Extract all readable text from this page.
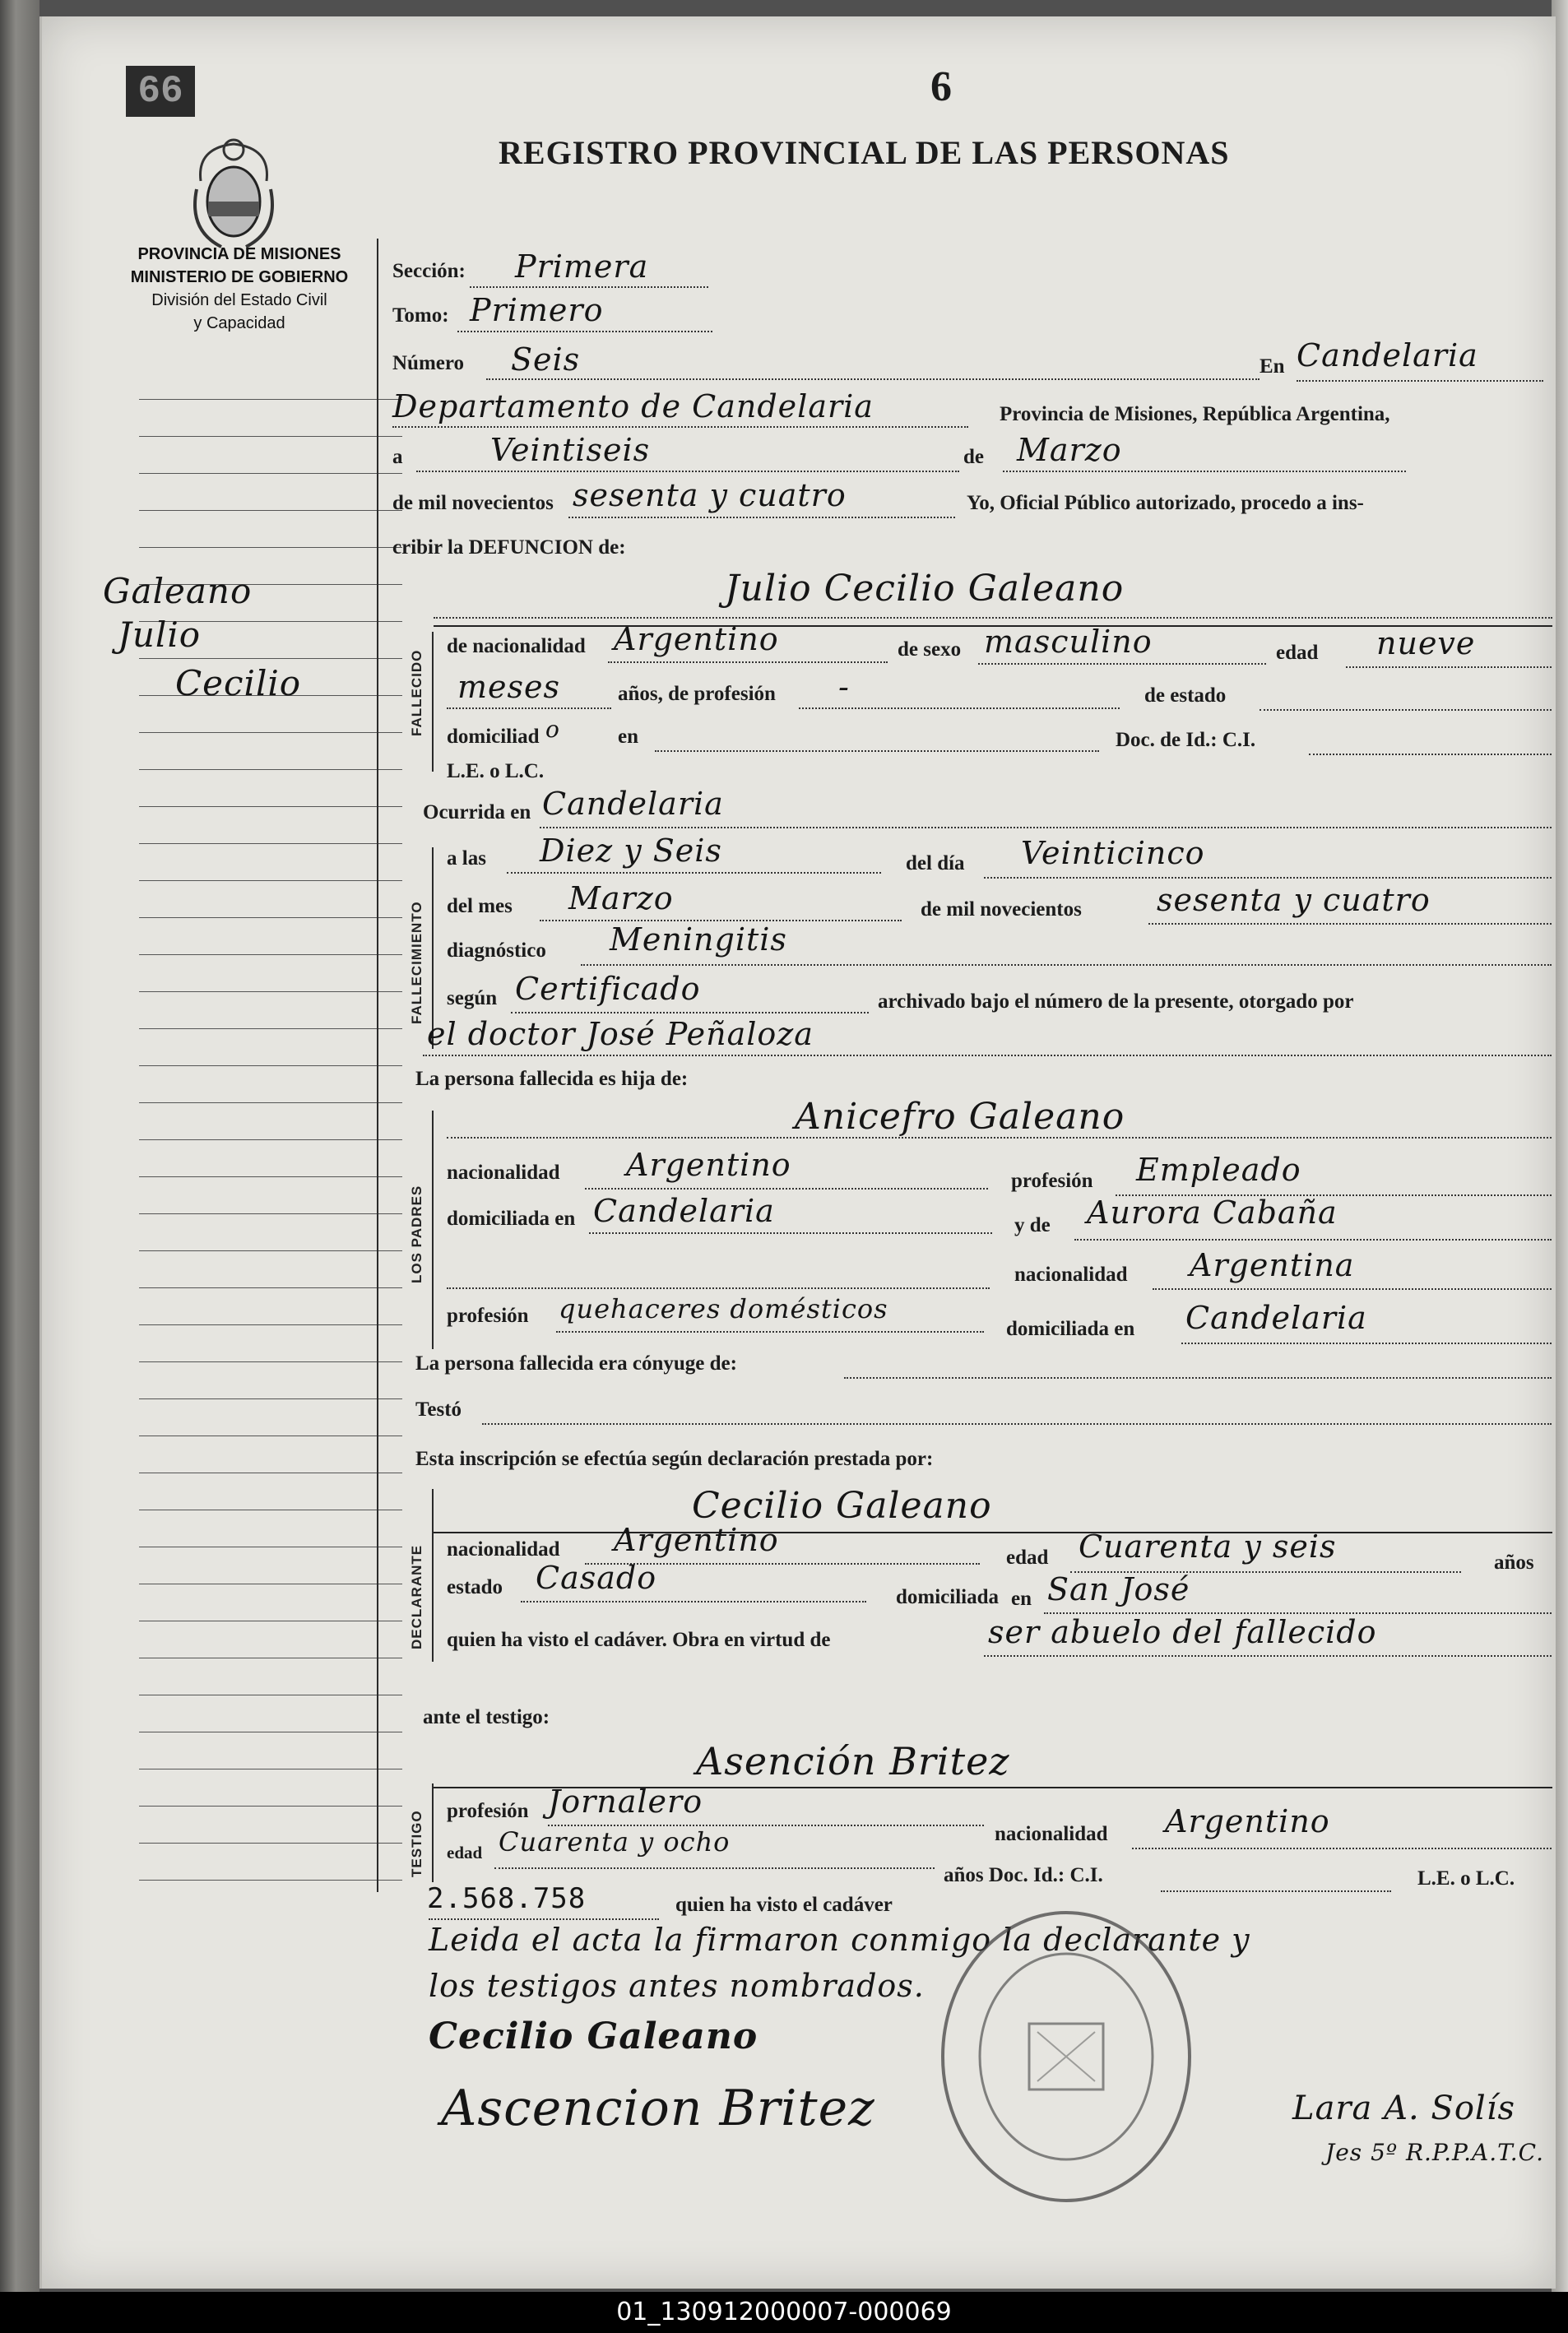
66	6
REGISTRO PROVINCIAL DE LAS PERSONAS
PROVINCIA DE MISIONES
MINISTERIO DE GOBIERNO
División del Estado Civil
y Capacidad
Galeano
Julio
Cecilio
Sección: Primera
Tomo: Primero
Número Seis	En Candelaria
Departamento de Candelaria	Provincia de Misiones, República Argentina,
a	Veintiseis	de Marzo
de mil novecientos sesenta y cuatro	Yo, Oficial Público autorizado, procedo a ins-
cribir la DEFUNCION de:
FALLECIDO
Julio Cecilio Galeano
de nacionalidad Argentino	de sexo masculino	edad nueve
meses	años, de profesión -	de estado
domiciliad o	en	Doc. de Id.: C.I.
L.E. o L.C.
Ocurrida en Candelaria
FALLECIMIENTO
a las Diez y Seis	del día Veinticinco
del mes Marzo	de mil novecientos sesenta y cuatro
diagnóstico Meningitis
según Certificado	archivado bajo el número de la presente, otorgado por
el doctor José Peñaloza
La persona fallecida es hija de:
LOS PADRES
Anicefro Galeano
nacionalidad Argentino	profesión Empleado
domiciliada en Candelaria	y de Aurora Cabaña
nacionalidad Argentina
profesión quehaceres domésticos
domiciliada en Candelaria
La persona fallecida era cónyuge de:
Testó
Esta inscripción se efectúa según declaración prestada por:
DECLARANTE
Cecilio Galeano
nacionalidad Argentino	edad Cuarenta y seis	años
estado Casado
domiciliada en San José
quien ha visto el cadáver. Obra en virtud de	ser abuelo del fallecido
ante el testigo:
TESTIGO
Asención Britez
profesión Jornalero
nacionalidad Argentino
edad Cuarenta y ocho
años Doc. Id.: C.I.	L.E. o L.C.
2.568.758	quien ha visto el cadáver
Leida el acta la firmaron conmigo la declarante y
los testigos antes nombrados.
Cecilio Galeano
Ascencion Britez	Lara A. Solís
Jes 5º R.P.P.A.T.C.
01_130912000007-000069
